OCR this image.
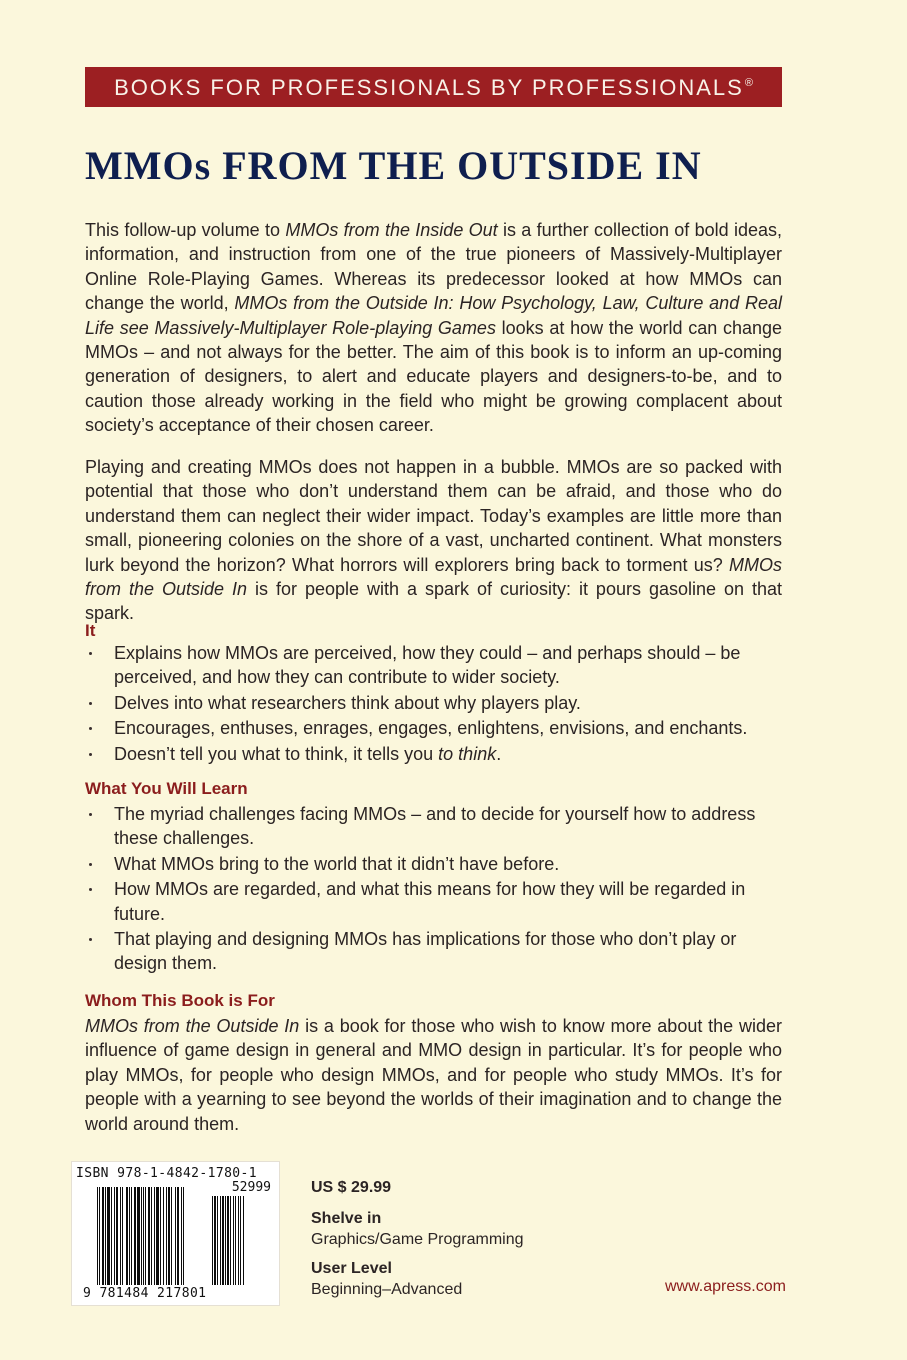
BOOKS FOR PROFESSIONALS BY PROFESSIONALS®
MMOs FROM THE OUTSIDE IN

This follow-up volume to MMOs from the Inside Out is a further collection of bold ideas, information, and instruction from one of the true pioneers of Massively-Multiplayer Online Role-Playing Games. Whereas its predecessor looked at how MMOs can change the world, MMOs from the Outside In: How Psychology, Law, Culture and Real Life see Massively-Multiplayer Role-playing Games looks at how the world can change MMOs – and not always for the better. The aim of this book is to inform an up-coming generation of designers, to alert and educate players and designers-to-be, and to caution those already working in the field who might be growing complacent about society’s acceptance of their chosen career.

Playing and creating MMOs does not happen in a bubble. MMOs are so packed with potential that those who don’t understand them can be afraid, and those who do understand them can neglect their wider impact. Today’s examples are little more than small, pioneering colonies on the shore of a vast, uncharted continent. What monsters lurk beyond the horizon? What horrors will explorers bring back to torment us? MMOs from the Outside In is for people with a spark of curiosity: it pours gasoline on that spark.

It
Explains how MMOs are perceived, how they could – and perhaps should – be perceived, and how they can contribute to wider society.
Delves into what researchers think about why players play.
Encourages, enthuses, enrages, engages, enlightens, envisions, and enchants.
Doesn’t tell you what to think, it tells you to think.
What You Will Learn
The myriad challenges facing MMOs – and to decide for yourself how to address these challenges.
What MMOs bring to the world that it didn’t have before.
How MMOs are regarded, and what this means for how they will be regarded in future.
That playing and designing MMOs has implications for those who don’t play or design them.
Whom This Book is For

MMOs from the Outside In is a book for those who wish to know more about the wider influence of game design in general and MMO design in particular. It’s for people who play MMOs, for people who design MMOs, and for people who study MMOs. It’s for people with a yearning to see beyond the worlds of their imagination and to change the world around them.

ISBN 978-1-4842-1780-1
52999
9 781484 217801
US $ 29.99
Shelve in
Graphics/Game Programming
User Level
Beginning–Advanced	www.apress.com
